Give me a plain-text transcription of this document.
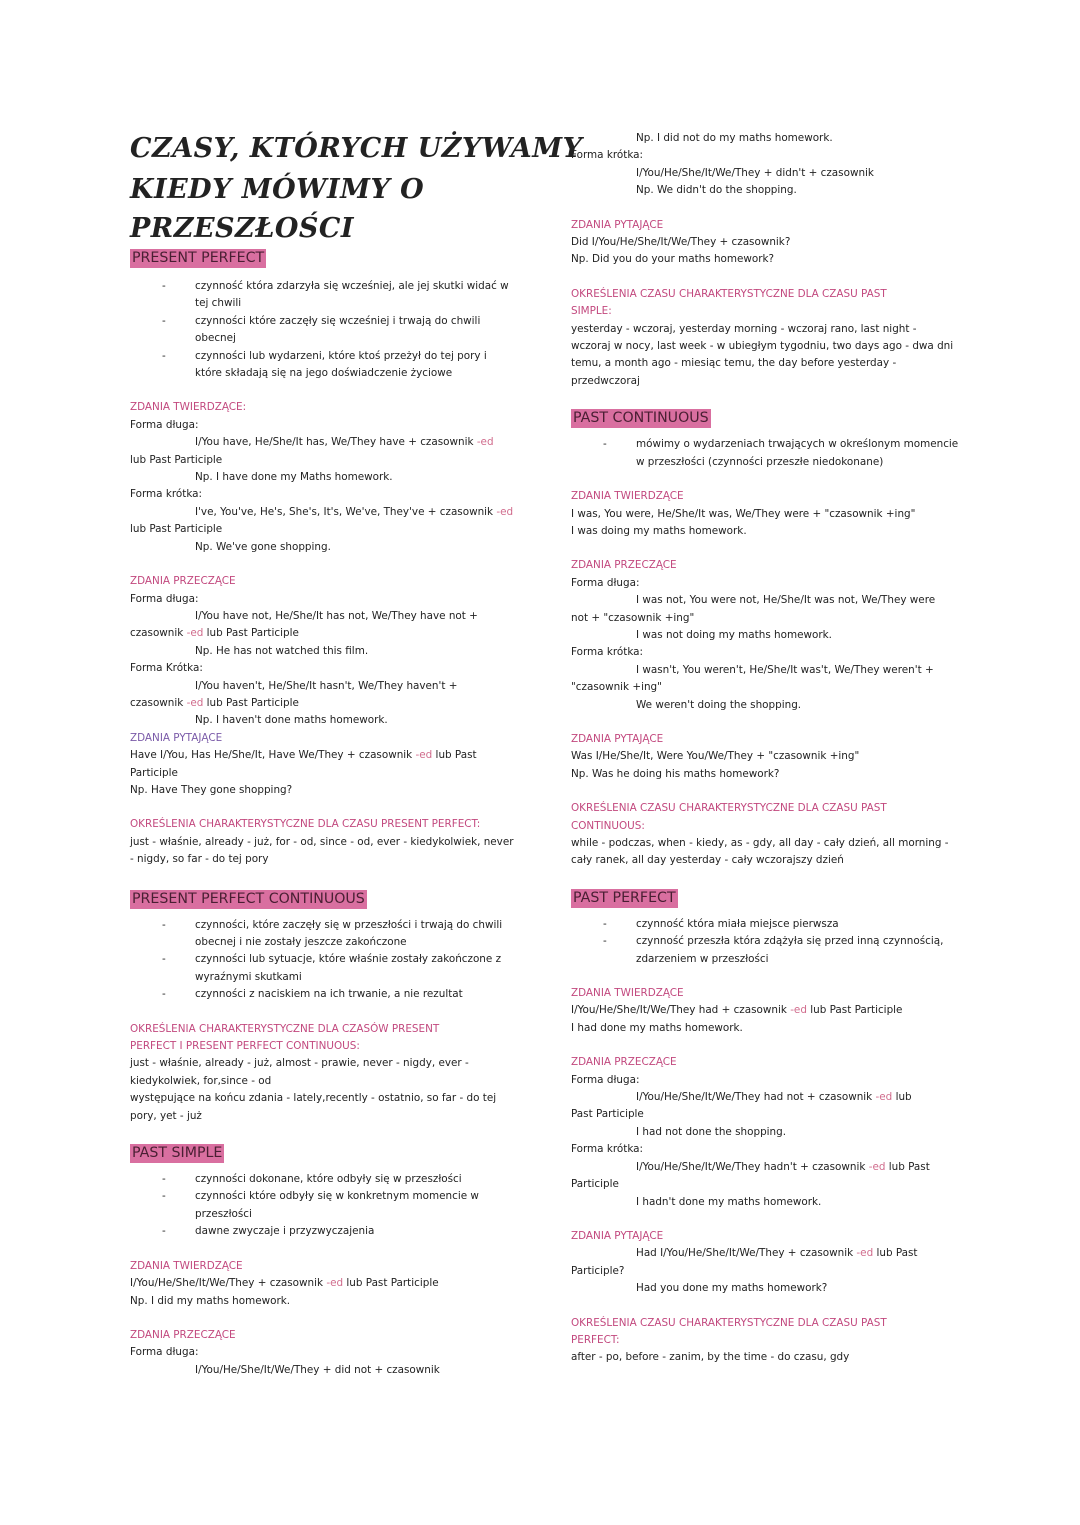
CZASY, KTÓRYCH UŻYWAMY

KIEDY MÓWIMY O

PRZESZŁOŚCI

PRESENT PERFECT
- czynność która zdarzyła się wcześniej, ale jej skutki widać w
tej chwili
- czynności które zaczęły się wcześniej i trwają do chwili
obecnej
- czynności lub wydarzeni, które ktoś przeżył do tej pory i
które składają się na jego doświadczenie życiowe

ZDANIA TWIERDZĄCE:

Forma długa:

I/You have, He/She/It has, We/They have + czasownik -ed

lub Past Participle

Np. I have done my Maths homework.

Forma krótka:

I've, You've, He's, She's, It's, We've, They've + czasownik -ed

lub Past Participle

Np. We've gone shopping.

ZDANIA PRZECZĄCE

Forma długa:

I/You have not, He/She/It has not, We/They have not +

czasownik -ed lub Past Participle

Np. He has not watched this film.

Forma Krótka:

I/You haven't, He/She/It hasn't, We/They haven't +

czasownik -ed lub Past Participle

Np. I haven't done maths homework.

ZDANIA PYTAJĄCE

Have I/You, Has He/She/It, Have We/They + czasownik -ed lub Past

Participle

Np. Have They gone shopping?

OKREŚLENIA CHARAKTERYSTYCZNE DLA CZASU PRESENT PERFECT:

just - właśnie, already - już, for - od, since - od, ever - kiedykolwiek, never

- nigdy, so far - do tej pory

PRESENT PERFECT CONTINUOUS
- czynności, które zaczęły się w przeszłości i trwają do chwili
obecnej i nie zostały jeszcze zakończone
- czynności lub sytuacje, które właśnie zostały zakończone z
wyraźnymi skutkami
- czynności z naciskiem na ich trwanie, a nie rezultat

OKREŚLENIA CHARAKTERYSTYCZNE DLA CZASÓW PRESENT

PERFECT I PRESENT PERFECT CONTINUOUS:

just - właśnie, already - już, almost - prawie, never - nigdy, ever -

kiedykolwiek, for,since - od

występujące na końcu zdania - lately,recently - ostatnio, so far - do tej

pory, yet - już

PAST SIMPLE
- czynności dokonane, które odbyły się w przeszłości
- czynności które odbyły się w konkretnym momencie w
przeszłości
- dawne zwyczaje i przyzwyczajenia

ZDANIA TWIERDZĄCE

I/You/He/She/It/We/They + czasownik -ed lub Past Participle

Np. I did my maths homework.

ZDANIA PRZECZĄCE

Forma długa:

I/You/He/She/It/We/They + did not + czasownik

Np. I did not do my maths homework.

Forma krótka:

I/You/He/She/It/We/They + didn't + czasownik

Np. We didn't do the shopping.

ZDANIA PYTAJĄCE

Did I/You/He/She/It/We/They + czasownik?

Np. Did you do your maths homework?

OKREŚLENIA CZASU CHARAKTERYSTYCZNE DLA CZASU PAST

SIMPLE:

yesterday - wczoraj, yesterday morning - wczoraj rano, last night -

wczoraj w nocy, last week - w ubiegłym tygodniu, two days ago - dwa dni

temu, a month ago - miesiąc temu, the day before yesterday -

przedwczoraj

PAST CONTINUOUS
- mówimy o wydarzeniach trwających w określonym momencie
w przeszłości (czynności przeszłe niedokonane)

ZDANIA TWIERDZĄCE

I was, You were, He/She/It was, We/They were + "czasownik +ing"

I was doing my maths homework.

ZDANIA PRZECZĄCE

Forma długa:

I was not, You were not, He/She/It was not, We/They were

not + "czasownik +ing"

I was not doing my maths homework.

Forma krótka:

I wasn't, You weren't, He/She/It was't, We/They weren't +

"czasownik +ing"

We weren't doing the shopping.

ZDANIA PYTAJĄCE

Was I/He/She/It, Were You/We/They + "czasownik +ing"

Np. Was he doing his maths homework?

OKREŚLENIA CZASU CHARAKTERYSTYCZNE DLA CZASU PAST

CONTINUOUS:

while - podczas, when - kiedy, as - gdy, all day - cały dzień, all morning -

cały ranek, all day yesterday - cały wczorajszy dzień

PAST PERFECT
- czynność która miała miejsce pierwsza
- czynność przeszła która zdążyła się przed inną czynnością,
zdarzeniem w przeszłości

ZDANIA TWIERDZĄCE

I/You/He/She/It/We/They had + czasownik -ed lub Past Participle

I had done my maths homework.

ZDANIA PRZECZĄCE

Forma długa:

I/You/He/She/It/We/They had not + czasownik -ed lub

Past Participle

I had not done the shopping.

Forma krótka:

I/You/He/She/It/We/They hadn't + czasownik -ed lub Past

Participle

I hadn't done my maths homework.

ZDANIA PYTAJĄCE

Had I/You/He/She/It/We/They + czasownik -ed lub Past

Participle?

Had you done my maths homework?

OKREŚLENIA CZASU CHARAKTERYSTYCZNE DLA CZASU PAST

PERFECT:

after - po, before - zanim, by the time - do czasu, gdy
